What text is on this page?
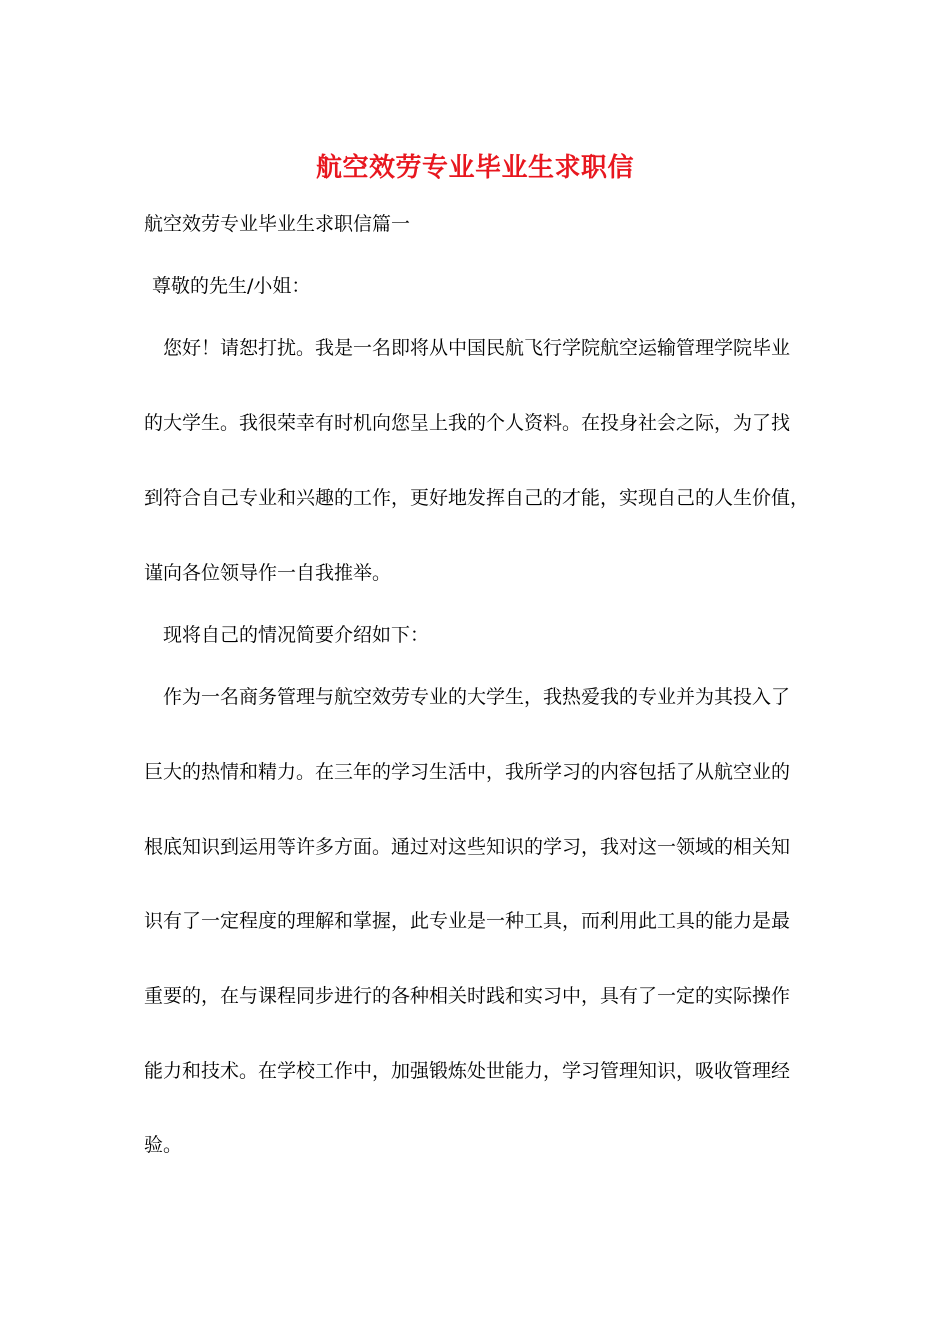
航空效劳专业毕业生求职信
航空效劳专业毕业生求职信篇一
尊敬的先生/小姐：
您好！请恕打扰。我是一名即将从中国民航飞行学院航空运输管理学院毕业
的大学生。我很荣幸有时机向您呈上我的个人资料。在投身社会之际，为了找
到符合自己专业和兴趣的工作，更好地发挥自己的才能，实现自己的人生价值，
谨向各位领导作一自我推举。
现将自己的情况简要介绍如下：
作为一名商务管理与航空效劳专业的大学生，我热爱我的专业并为其投入了
巨大的热情和精力。在三年的学习生活中，我所学习的内容包括了从航空业的
根底知识到运用等许多方面。通过对这些知识的学习，我对这一领域的相关知
识有了一定程度的理解和掌握，此专业是一种工具，而利用此工具的能力是最
重要的，在与课程同步进行的各种相关时践和实习中，具有了一定的实际操作
能力和技术。在学校工作中，加强锻炼处世能力，学习管理知识，吸收管理经
验。
